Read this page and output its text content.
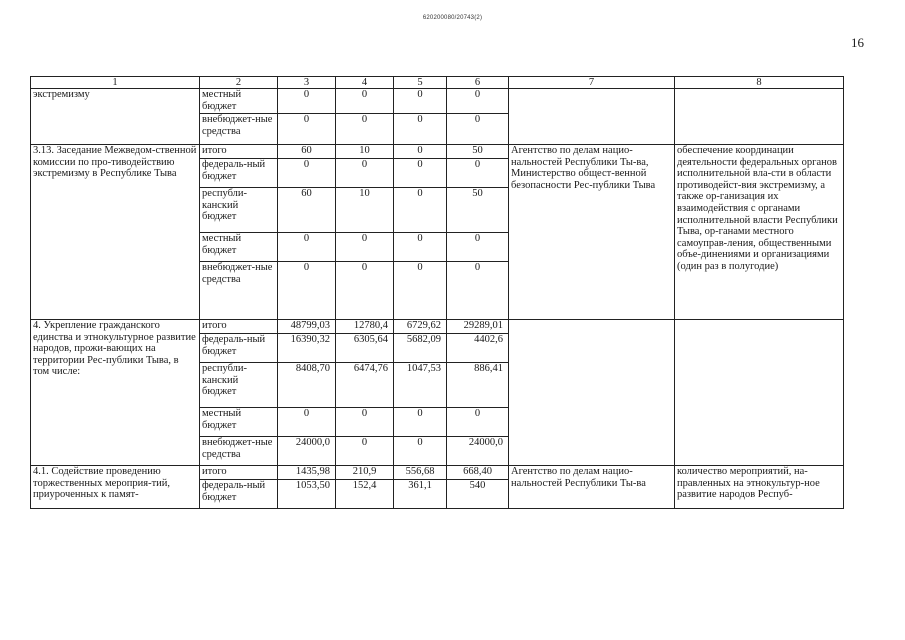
620200080/20743(2)
16
1	2	3	4	5	6	7	8
экстремизму	местный бюджет	0	0	0	0		
	внебюджет-ные средства	0	0	0	0		
3.13. Заседание Межведом-ственной комиссии по про-тиводействию экстремизму в Республике Тыва	итого	60	10	0	50	Агентство по делам нацио-нальностей Республики Ты-ва, Министерство общест-венной безопасности Рес-публики Тыва	обеспечение координации деятельности федеральных органов исполнительной вла-сти в области противодейст-вия экстремизму, а также ор-ганизация их взаимодействия с органами исполнительной власти Республики Тыва, ор-ганами местного самоуправ-ления, общественными объе-динениями и организациями (один раз в полугодие)
	федераль-ный бюджет	0	0	0	0		
	республи-канский бюджет	60	10	0	50		
	местный бюджет	0	0	0	0		
	внебюджет-ные средства	0	0	0	0		
4. Укрепление гражданского единства и этнокультурное развитие народов, прожи-вающих на территории Рес-публики Тыва, в том числе:	итого	48799,03	12780,4	6729,62	29289,01		
	федераль-ный бюджет	16390,32	6305,64	5682,09	4402,6		
	республи-канский бюджет	8408,70	6474,76	1047,53	886,41		
	местный бюджет	0	0	0	0		
	внебюджет-ные средства	24000,0	0	0	24000,0		
4.1. Содействие проведению торжественных мероприя-тий, приуроченных к памят-	итого	1435,98	210,9	556,68	668,40	Агентство по делам нацио-нальностей Республики Ты-ва	количество мероприятий, на-правленных на этнокультур-ное развитие народов Респуб-
	федераль-ный бюджет	1053,50	152,4	361,1	540		
